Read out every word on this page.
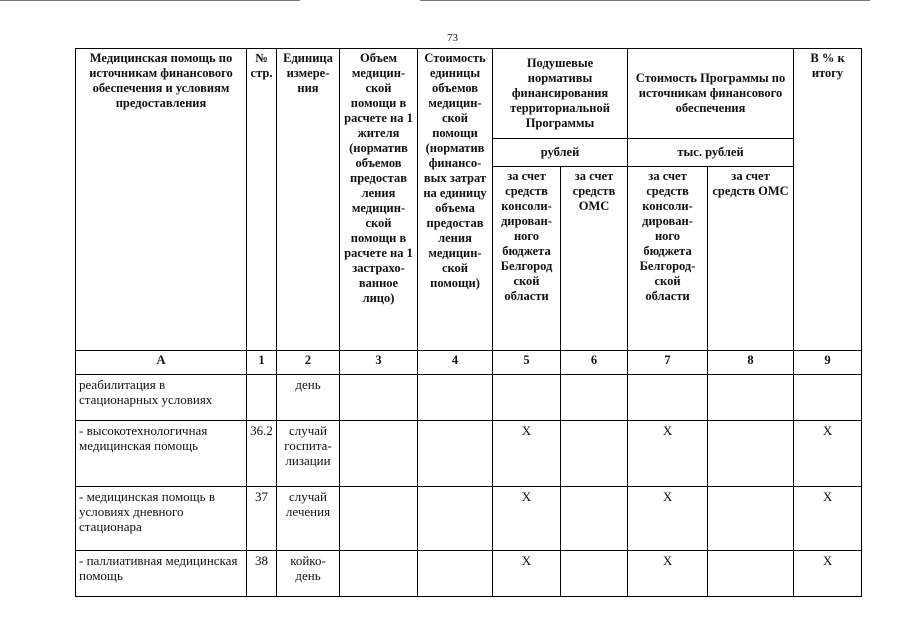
73
Медицинская помощь по источникам финансового обеспечения и условиям предоставления	№ стр.	Единица измере-ния	Объем медицин-ской помощи в расчете на 1 жителя (норматив объемов предостав ления медицин-ской помощи в расчете на 1 застрахо-ванное лицо)	Стоимость единицы объемов медицин-ской помощи (норматив финансо-вых затрат на единицу объема предостав ления медицин-ской помощи)	Подушевые нормативы финансирования территориальной Программы		Стоимость Программы по источникам финансового обеспечения		В % к итогу
					рублей		тыс. рублей		
					за счет средств консоли-дирован-ного бюджета Белгород ской области	за счет средств ОМС	за счет средств консоли-дирован-ного бюджета Белгород-ской области	за счет средств ОМС	
А	1	2	3	4	5	6	7	8	9
реабилитация в стационарных условиях		день							
- высокотехнологичная медицинская помощь	36.2	случай госпита-лизации			X		X		X
- медицинская помощь в условиях дневного стационара	37	случай лечения			X		X		X
- паллиативная медицинская помощь	38	койко-день			X		X		X
